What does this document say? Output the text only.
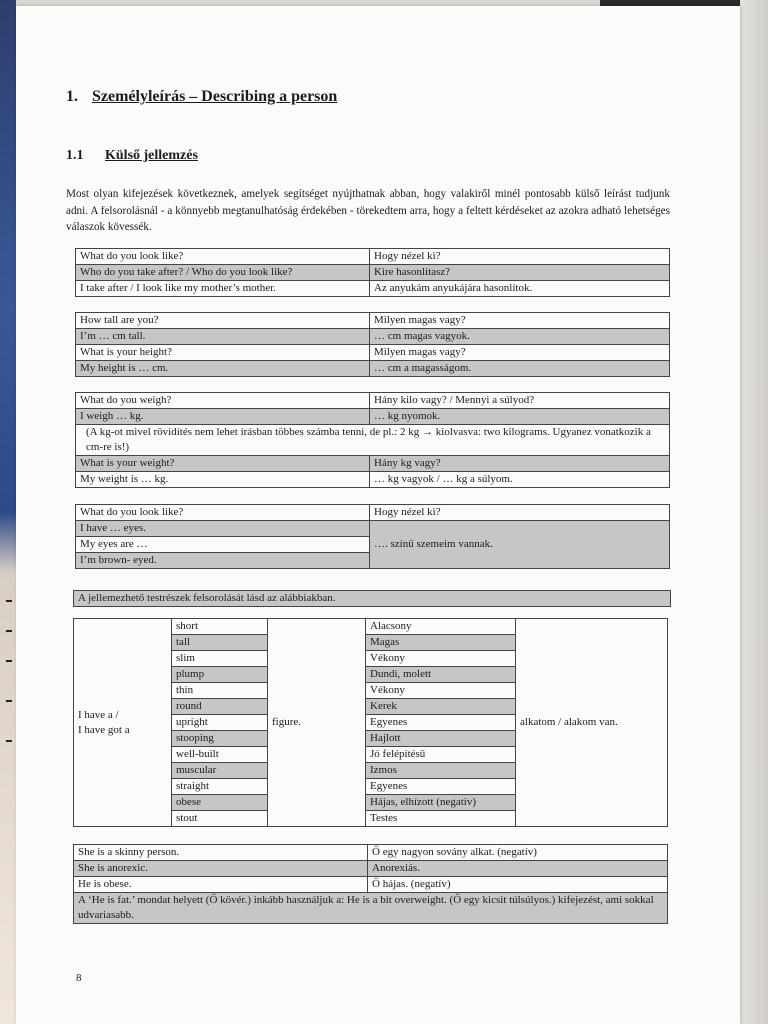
1. Személyleírás – Describing a person
1.1 Külső jellemzés

Most olyan kifejezések következnek, amelyek segítséget nyújthatnak abban, hogy valakiről minél pontosabb külső leírást tudjunk adni. A felsorolásnál - a könnyebb megtanulhatóság érdekében - törekedtem arra, hogy a feltett kérdéseket az azokra adható lehetséges válaszok kövessék.

What do you look like?	Hogy nézel ki?
Who do you take after? / Who do you look like?	Kire hasonlítasz?
I take after / I look like my mother’s mother.	Az anyukám anyukájára hasonlítok.
How tall are you?	Milyen magas vagy?
I’m … cm tall.	… cm magas vagyok.
What is your height?	Milyen magas vagy?
My height is … cm.	… cm a magasságom.
What do you weigh?	Hány kilo vagy? / Mennyi a súlyod?
I weigh … kg.	… kg nyomok.
(A kg-ot mivel rövidítés nem lehet írásban többes számba tenni, de pl.: 2 kg → kiolvasva: two kilograms. Ugyanez vonatkozik a cm-re is!)	
What is your weight?	Hány kg vagy?
My weight is … kg.	… kg vagyok / … kg a súlyom.
What do you look like?	Hogy nézel ki?
I have … eyes.	…. színű szemeim vannak.
My eyes are …	
I’m brown- eyed.	
A jellemezhető testrészek felsorolását lásd az alábbiakban.
I have a /
I have got a	short	figure.	Alacsony	alkatom / alakom van.
	tall		Magas	
	slim		Vékony	
	plump		Dundi, molett	
	thin		Vékony	
	round		Kerek	
	upright		Egyenes	
	stooping		Hajlott	
	well-built		Jó felépítésű	
	muscular		Izmos	
	straight		Egyenes	
	obese		Hájas, elhízott (negatív)	
	stout		Testes	
She is a skinny person.	Ő egy nagyon sovány alkat. (negatív)
She is anorexic.	Anorexiás.
He is obese.	Ő hájas. (negatív)
A ‘He is fat.’ mondat helyett (Ő kövér.) inkább használjuk a: He is a bit overweight. (Ő egy kicsit túlsúlyos.) kifejezést, ami sokkal udvariasabb.	
8
